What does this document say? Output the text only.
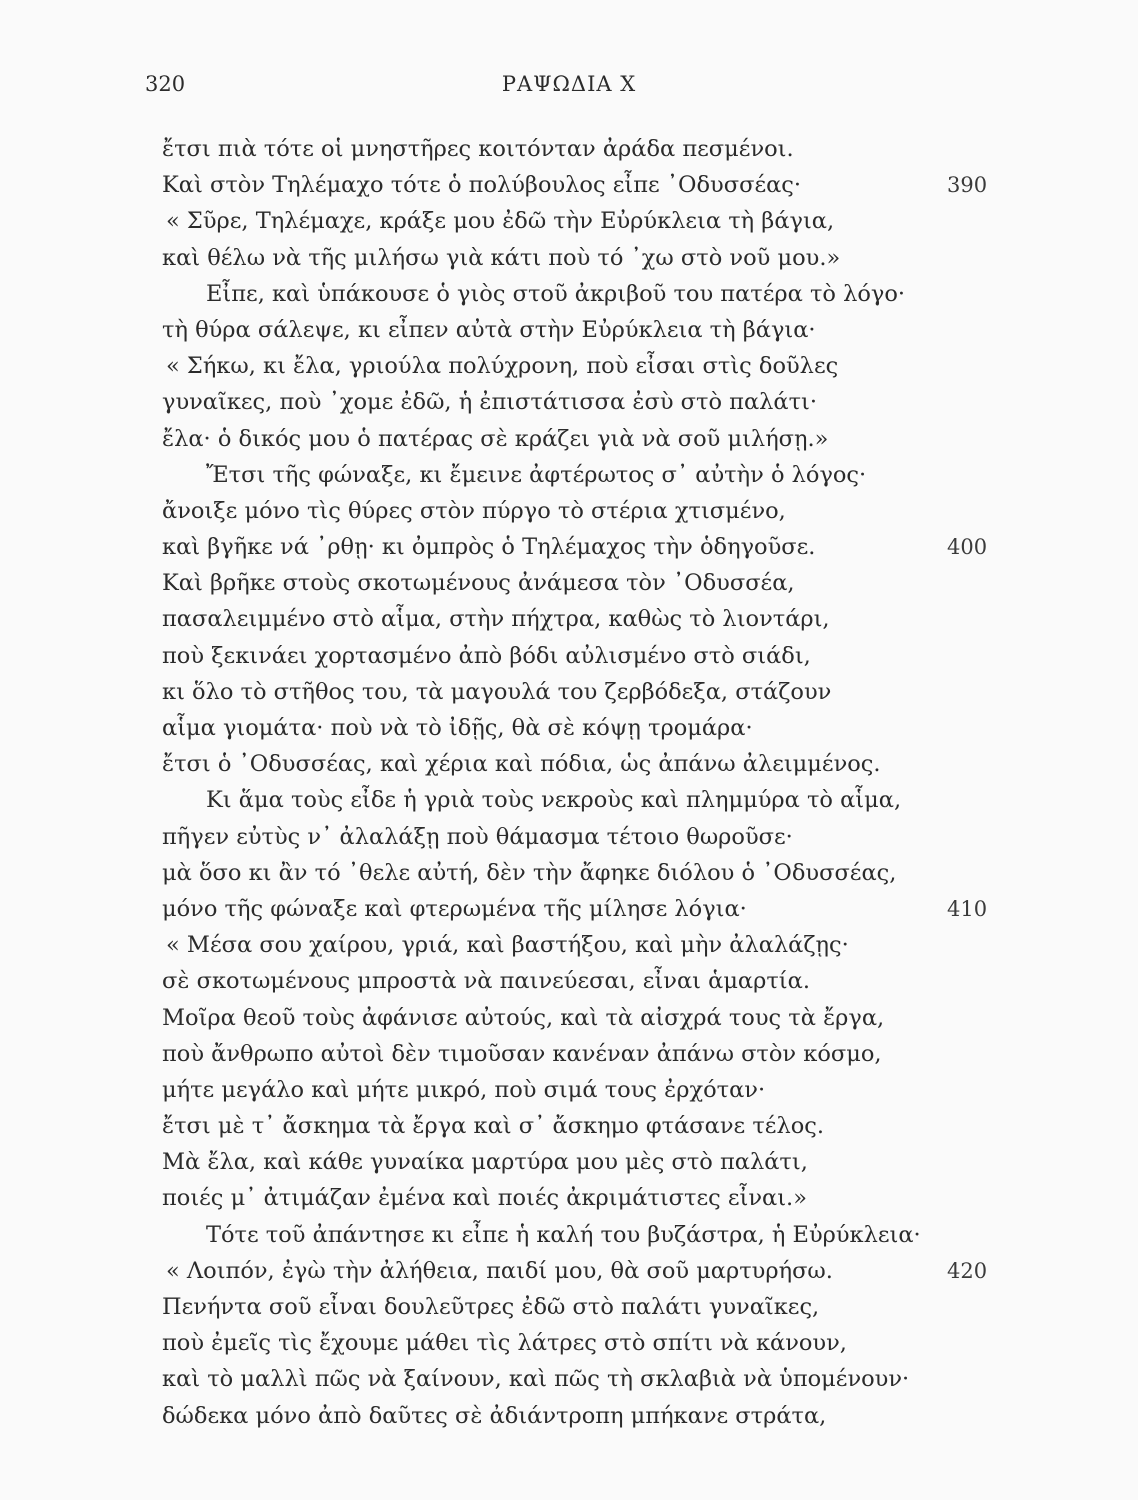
320	ΡΑΨΩΔΙΑ Χ
ἔτσι πιὰ τότε οἱ μνηστῆρες κοιτόνταν ἀράδα πεσμένοι.
Καὶ στὸν Τηλέμαχο τότε ὁ πολύβουλος εἶπε ᾿Οδυσσέας·	390
« Σῦρε, Τηλέμαχε, κράξε μου ἐδῶ τὴν Εὐρύκλεια τὴ βάγια,
καὶ θέλω νὰ τῆς μιλήσω γιὰ κάτι ποὺ τό ᾿χω στὸ νοῦ μου.»
Εἶπε, καὶ ὑπάκουσε ὁ γιὸς στοῦ ἀκριβοῦ του πατέρα τὸ λόγο·
τὴ θύρα σάλεψε, κι εἶπεν αὐτὰ στὴν Εὐρύκλεια τὴ βάγια·
« Σήκω, κι ἔλα, γριούλα πολύχρονη, ποὺ εἶσαι στὶς δοῦλες
γυναῖκες, ποὺ ᾿χομε ἐδῶ, ἡ ἐπιστάτισσα ἐσὺ στὸ παλάτι·
ἔλα· ὁ δικός μου ὁ πατέρας σὲ κράζει γιὰ νὰ σοῦ μιλήσῃ.»
Ἔτσι τῆς φώναξε, κι ἔμεινε ἀφτέρωτος σ᾿ αὐτὴν ὁ λόγος·
ἄνοιξε μόνο τὶς θύρες στὸν πύργο τὸ στέρια χτισμένο,
καὶ βγῆκε νά ᾿ρθῃ· κι ὀμπρὸς ὁ Τηλέμαχος τὴν ὁδηγοῦσε.	400
Καὶ βρῆκε στοὺς σκοτωμένους ἀνάμεσα τὸν ᾿Οδυσσέα,
πασαλειμμένο στὸ αἷμα, στὴν πήχτρα, καθὼς τὸ λιοντάρι,
ποὺ ξεκινάει χορτασμένο ἀπὸ βόδι αὐλισμένο στὸ σιάδι,
κι ὅλο τὸ στῆθος του, τὰ μαγουλά του ζερβόδεξα, στάζουν
αἷμα γιομάτα· ποὺ νὰ τὸ ἰδῇς, θὰ σὲ κόψῃ τρομάρα·
ἔτσι ὁ ᾿Οδυσσέας, καὶ χέρια καὶ πόδια, ὡς ἀπάνω ἀλειμμένος.
Κι ἅμα τοὺς εἶδε ἡ γριὰ τοὺς νεκροὺς καὶ πλημμύρα τὸ αἷμα,
πῆγεν εὐτὺς ν᾿ ἀλαλάξῃ ποὺ θάμασμα τέτοιο θωροῦσε·
μὰ ὅσο κι ἂν τό ᾿θελε αὐτή, δὲν τὴν ἄφηκε διόλου ὁ ᾿Οδυσσέας,
μόνο τῆς φώναξε καὶ φτερωμένα τῆς μίλησε λόγια·	410
« Μέσα σου χαίρου, γριά, καὶ βαστήξου, καὶ μὴν ἀλαλάζῃς·
σὲ σκοτωμένους μπροστὰ νὰ παινεύεσαι, εἶναι ἁμαρτία.
Μοῖρα θεοῦ τοὺς ἀφάνισε αὐτούς, καὶ τὰ αἰσχρά τους τὰ ἔργα,
ποὺ ἄνθρωπο αὐτοὶ δὲν τιμοῦσαν κανέναν ἀπάνω στὸν κόσμο,
μήτε μεγάλο καὶ μήτε μικρό, ποὺ σιμά τους ἐρχόταν·
ἔτσι μὲ τ᾿ ἄσκημα τὰ ἔργα καὶ σ᾿ ἄσκημο φτάσανε τέλος.
Μὰ ἔλα, καὶ κάθε γυναίκα μαρτύρα μου μὲς στὸ παλάτι,
ποιές μ᾿ ἀτιμάζαν ἐμένα καὶ ποιές ἀκριμάτιστες εἶναι.»
Τότε τοῦ ἀπάντησε κι εἶπε ἡ καλή του βυζάστρα, ἡ Εὐρύκλεια·
« Λοιπόν, ἐγὼ τὴν ἀλήθεια, παιδί μου, θὰ σοῦ μαρτυρήσω.	420
Πενήντα σοῦ εἶναι δουλεῦτρες ἐδῶ στὸ παλάτι γυναῖκες,
ποὺ ἐμεῖς τὶς ἔχουμε μάθει τὶς λάτρες στὸ σπίτι νὰ κάνουν,
καὶ τὸ μαλλὶ πῶς νὰ ξαίνουν, καὶ πῶς τὴ σκλαβιὰ νὰ ὑπομένουν·
δώδεκα μόνο ἀπὸ δαῦτες σὲ ἀδιάντροπη μπήκανε στράτα,
